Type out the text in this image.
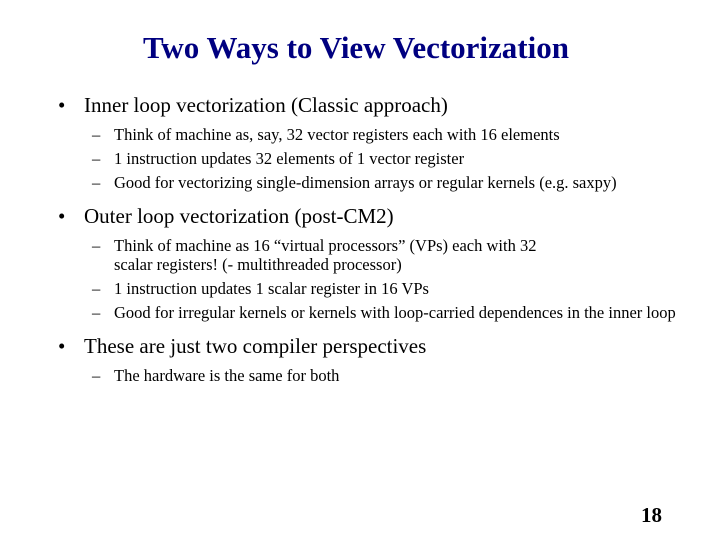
Two Ways to View Vectorization
• Inner loop vectorization (Classic approach)
– Think of machine as, say, 32 vector registers each with 16 elements
– 1 instruction updates 32 elements of 1 vector register
– Good for vectorizing single-dimension arrays or regular kernels (e.g. saxpy)
• Outer loop vectorization (post-CM2)
– Think of machine as 16 “virtual processors” (VPs) each with 32 scalar registers! (- multithreaded processor)
– 1 instruction updates 1 scalar register in 16 VPs
– Good for irregular kernels or kernels with loop-carried dependences in the inner loop
• These are just two compiler perspectives
– The hardware is the same for both
18
